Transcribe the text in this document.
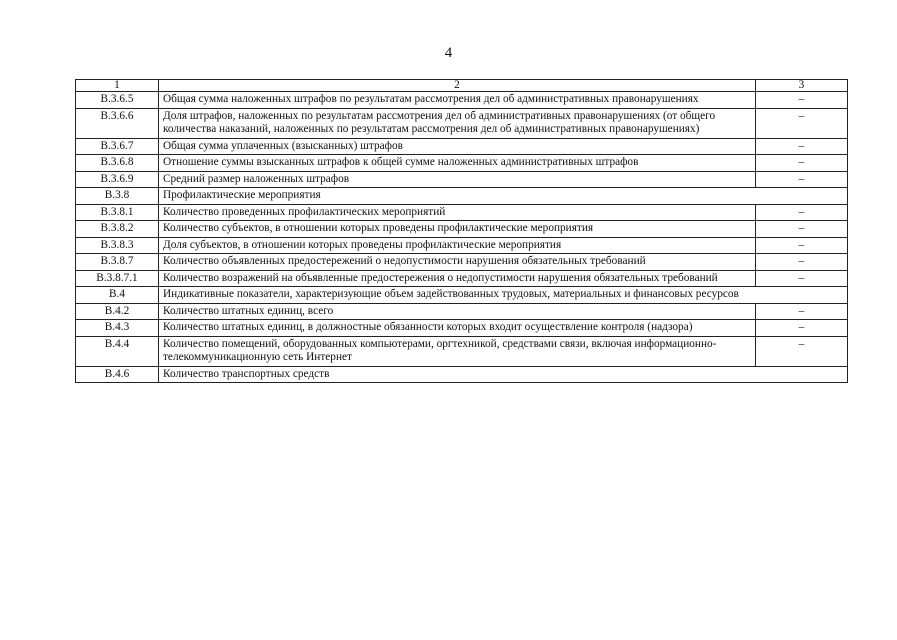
4
1	2	3
В.3.6.5	Общая сумма наложенных штрафов по результатам рассмотрения дел об административных правонарушениях	–
В.3.6.6	Доля штрафов, наложенных по результатам рассмотрения дел об административных правонарушениях (от общего количества наказаний, наложенных по результатам рассмотрения дел об административных правонарушениях)	–
В.3.6.7	Общая сумма уплаченных (взысканных) штрафов	–
В.3.6.8	Отношение суммы взысканных штрафов к общей сумме наложенных административных штрафов	–
В.3.6.9	Средний размер наложенных штрафов	–
В.3.8	Профилактические мероприятия	
В.3.8.1	Количество проведенных профилактических мероприятий	–
В.3.8.2	Количество субъектов, в отношении которых проведены профилактические мероприятия	–
В.3.8.3	Доля субъектов, в отношении которых проведены профилактические мероприятия	–
В.3.8.7	Количество объявленных предостережений о недопустимости нарушения обязательных требований	–
В.3.8.7.1	Количество возражений на объявленные предостережения о недопустимости нарушения обязательных требований	–
В.4	Индикативные показатели, характеризующие объем задействованных трудовых, материальных и финансовых ресурсов	
В.4.2	Количество штатных единиц, всего	–
В.4.3	Количество штатных единиц, в должностные обязанности которых входит осуществление контроля (надзора)	–
В.4.4	Количество помещений, оборудованных компьютерами, оргтехникой, средствами связи, включая информационно-телекоммуникационную сеть Интернет	–
В.4.6	Количество транспортных средств	
